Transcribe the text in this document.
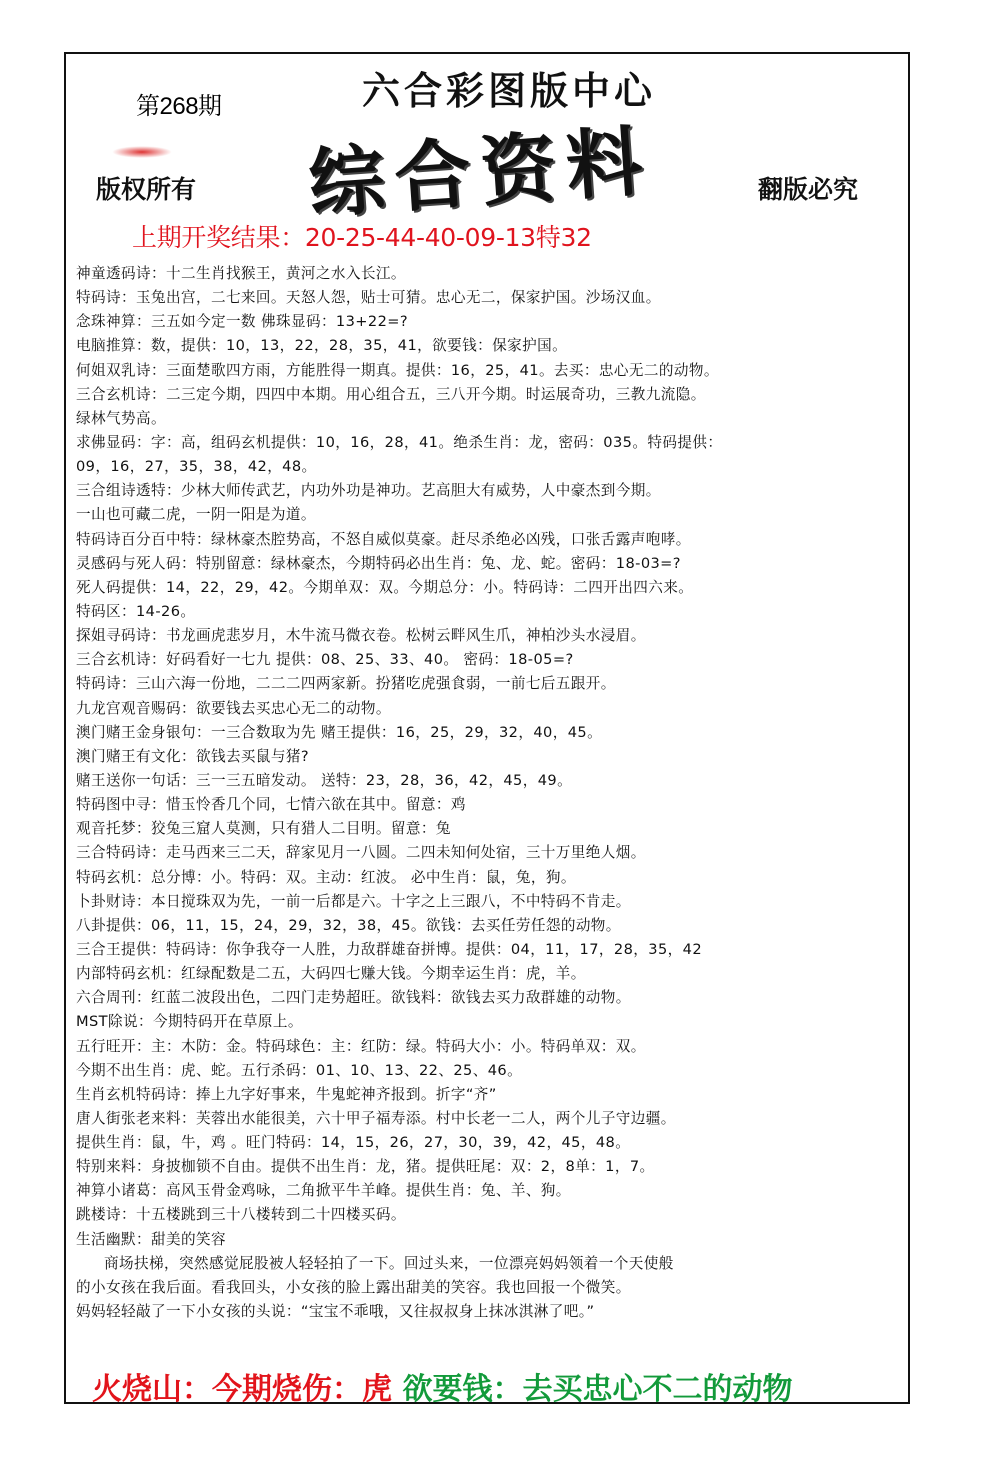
第268期	六合彩图版中心
综合资料
版权所有	翻版必究
上期开奖结果：20-25-44-40-09-13特32
神童透码诗：十二生肖找猴王，黄河之水入长江。
特码诗：玉兔出宫，二七来回。天怒人怨，贴士可猜。忠心无二，保家护国。沙场汉血。
念珠神算：三五如今定一数 佛珠显码：13+22=?
电脑推算：数，提供：10，13，22，28，35，41，欲要钱：保家护国。
何姐双乳诗：三面楚歌四方雨，方能胜得一期真。提供：16，25，41。去买：忠心无二的动物。
三合玄机诗：二三定今期，四四中本期。用心组合五，三八开今期。时运展奇功，三教九流隐。
绿林气势高。
求佛显码：字：高，组码玄机提供：10，16，28，41。绝杀生肖：龙，密码：035。特码提供：
09，16，27，35，38，42，48。
三合组诗透特：少林大师传武艺，内功外功是神功。艺高胆大有威势，人中豪杰到今期。
一山也可藏二虎，一阴一阳是为道。
特码诗百分百中特：绿林豪杰腔势高，不怒自威似莫豪。赶尽杀绝必凶残，口张舌露声咆哮。
灵感码与死人码：特别留意：绿林豪杰，今期特码必出生肖：兔、龙、蛇。密码：18-03=?
死人码提供：14，22，29，42。今期单双：双。今期总分：小。特码诗：二四开出四六来。
特码区：14-26。
探姐寻码诗：书龙画虎悲岁月，木牛流马微衣卷。松树云畔风生爪，神柏沙头水浸眉。
三合玄机诗：好码看好一七九 提供：08、25、33、40。 密码：18-05=?
特码诗：三山六海一份地，二二二四两家新。扮猪吃虎强食弱，一前七后五跟开。
九龙宫观音赐码：欲要钱去买忠心无二的动物。
澳门赌王金身银句：一三合数取为先 赌王提供：16，25，29，32，40，45。
澳门赌王有文化：欲钱去买鼠与猪?
赌王送你一句话：三一三五暗发动。 送特：23，28，36，42，45，49。
特码图中寻：惜玉怜香几个同，七情六欲在其中。留意：鸡
观音托梦：狡兔三窟人莫测，只有猎人二目明。留意：兔
三合特码诗：走马西来三二天，辞家见月一八圆。二四未知何处宿，三十万里绝人烟。
特码玄机：总分博：小。特码：双。主动：红波。 必中生肖：鼠，兔，狗。
卜卦财诗：本日搅珠双为先，一前一后都是六。十字之上三跟八，不中特码不肯走。
八卦提供：06，11，15，24，29，32，38，45。欲钱：去买任劳任怨的动物。
三合王提供：特码诗：你争我夺一人胜，力敌群雄奋拼博。提供：04，11，17，28，35，42
内部特码玄机：红绿配数是二五，大码四七赚大钱。今期幸运生肖：虎，羊。
六合周刊：红蓝二波段出色，二四门走势超旺。欲钱料：欲钱去买力敌群雄的动物。
MST除说：今期特码开在草原上。
五行旺开：主：木防：金。特码球色：主：红防：绿。特码大小：小。特码单双：双。
今期不出生肖：虎、蛇。五行杀码：01、10、13、22、25、46。
生肖玄机特码诗：捧上九字好事来，牛鬼蛇神齐报到。折字“齐”
唐人街张老来料：芙蓉出水能很美，六十甲子福寿添。村中长老一二人，两个儿子守边疆。
提供生肖：鼠，牛，鸡 。旺门特码：14，15，26，27，30，39，42，45，48。
特别来料：身披枷锁不自由。提供不出生肖：龙，猪。提供旺尾：双：2，8单：1，7。
神算小诸葛：高风玉骨金鸡咏，二角掀平牛羊峰。提供生肖：兔、羊、狗。
跳楼诗：十五楼跳到三十八楼转到二十四楼买码。
生活幽默：甜美的笑容
商场扶梯，突然感觉屁股被人轻轻拍了一下。回过头来，一位漂亮妈妈领着一个天使般
的小女孩在我后面。看我回头，小女孩的脸上露出甜美的笑容。我也回报一个微笑。
妈妈轻轻敲了一下小女孩的头说：“宝宝不乖哦，又往叔叔身上抹冰淇淋了吧。”
火烧山：今期烧伤：虎 欲要钱：去买忠心不二的动物
